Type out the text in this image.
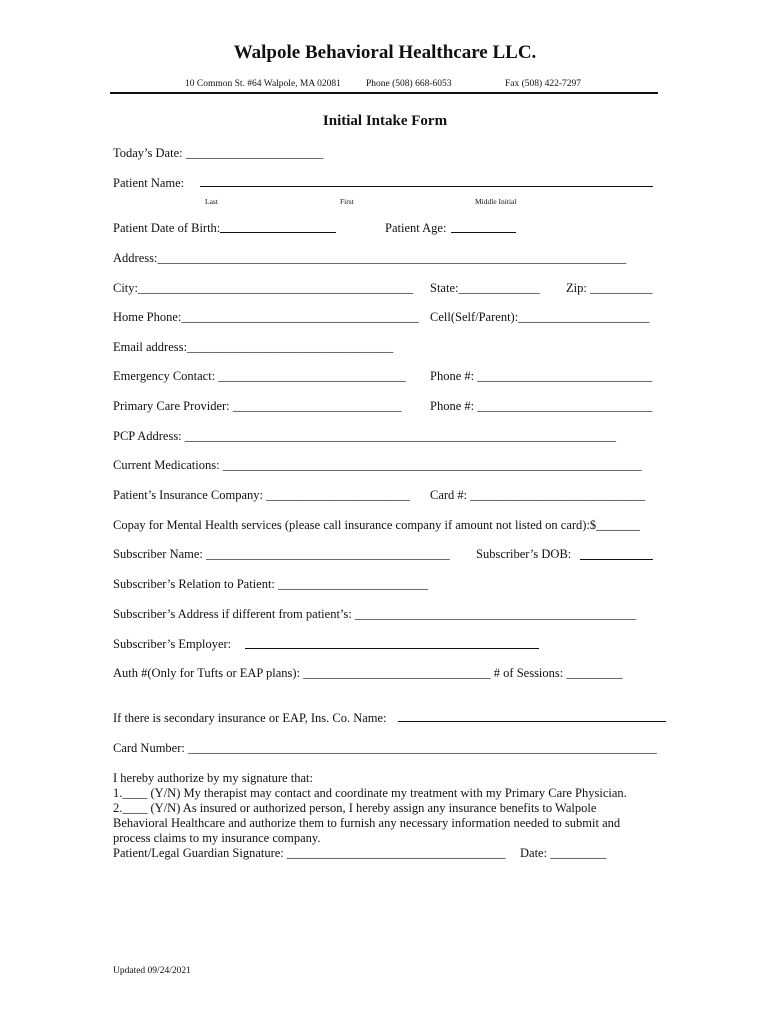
Walpole Behavioral Healthcare LLC.
10 Common St. #64 Walpole, MA 02081	Phone (508) 668-6053	Fax (508) 422-7297
Initial Intake Form
Today’s Date: ______________________
Patient Name:
Last	First	Middle Initial
Patient Date of Birth:	Patient Age:
Address:___________________________________________________________________________
City:____________________________________________ State:_____________ Zip: __________
Home Phone:______________________________________ Cell(Self/Parent):_____________________
Email address:_________________________________
Emergency Contact: ______________________________ Phone #: ____________________________
Primary Care Provider: ___________________________ Phone #: ____________________________
PCP Address: _____________________________________________________________________
Current Medications: ___________________________________________________________________
Patient’s Insurance Company: _______________________ Card #: ____________________________
Copay for Mental Health services (please call insurance company if amount not listed on card):$_______
Subscriber Name: _______________________________________ Subscriber’s DOB:
Subscriber’s Relation to Patient: ________________________
Subscriber’s Address if different from patient’s: _____________________________________________
Subscriber’s Employer:
Auth #(Only for Tufts or EAP plans): ______________________________ # of Sessions: _________
If there is secondary insurance or EAP, Ins. Co. Name:
Card Number: ___________________________________________________________________________
I hereby authorize by my signature that:
1.____ (Y/N) My therapist may contact and coordinate my treatment with my Primary Care Physician.
2.____ (Y/N) As insured or authorized person, I hereby assign any insurance benefits to Walpole
Behavioral Healthcare and authorize them to furnish any necessary information needed to submit and
process claims to my insurance company.
Patient/Legal Guardian Signature: ___________________________________ Date: _________
Updated 09/24/2021
